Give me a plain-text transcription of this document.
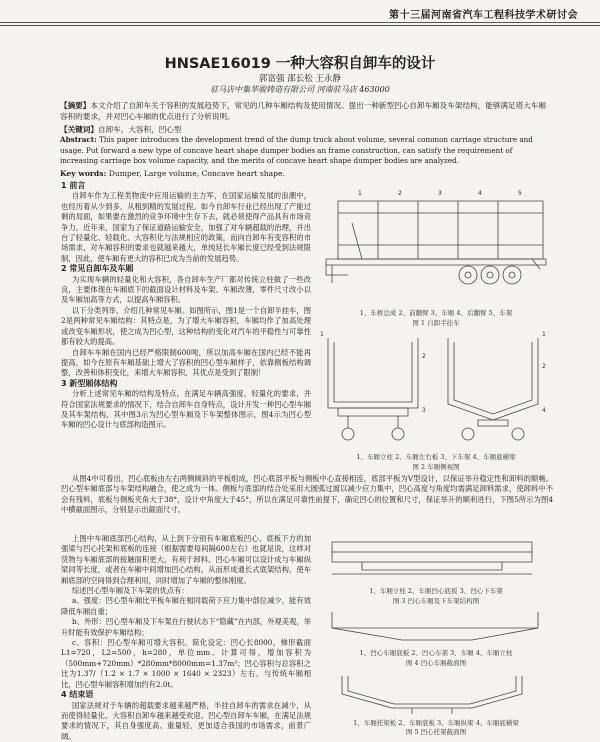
第十三届河南省汽车工程科技学术研讨会
HNSAE16019 一种大容积自卸车的设计
郭富强 邵长松 王永静
驻马店中集华骏铸造有限公司 河南驻马店 463000
【摘要】本文介绍了自卸车关于容积的发展趋势下，常见的几种车厢结构及使用情况。提出一种新型凹心自卸车厢及车架结构，能够满足塔大车厢容积的要求，并对凹心车厢的优点进行了分析说明。
【关键词】自卸车，大容积，凹心型
Abstract: This paper introduces the development trend of the dump truck about volume, several common carriage structure and usage. Put forward a new type of concave heart shape dumper bodies an frame construction, can satisfy the requirement of increasing carriage box volume capacity, and the merits of concave heart shape dumper bodies are analyzed.
Key words: Dumper, Large volume, Concave heart shape.
1 前言

自卸车作为工程类物流中应用运输的主力军，在国家运输发展的浪潮中，也经历着从少到多，从粗到精的发展过程。如今自卸车行业已经出现了产能过剩的局面，如果要在激烈的竞争环境中生存下去，就必须使得产品具有市场竞争力，近年来，国家为了保证道路运输安全，加强了对车辆超载的治理，并出台了轻量化、轻载化、大容积化与法规相应的政策，而向自卸车有变容积的市场需求，对车厢容积的要求也就越来越大，单纯延长车厢长度已经受到法规限制，因此，使车厢有更大的容积已成为当前的发展趋势。

2 常见自卸车及车厢

为实现车辆的轻量化和大容积，各自卸车生产厂都对传统立柱做了一些改良，主要体现在车厢底下的截面设计材料及车架、车厢改薄，零件尺寸改小以及车厢加高等方式，以提高车厢容积。

以下分类列举，介绍几种常见车厢。如图所示，图1是一个自卸半挂车，图2是两种常见车厢结构：其特点是，为了增大车厢容积，车厢均作了加高处理或改变车厢形状，使之成为凹心型，这种结构的变化对汽车的平稳性与可靠性都有较大的提高。

自卸车车厢在国内已经严格限制600吨，所以加高车厢在国内已经不能再提高，如今在原有车厢基础上增大了容积的凹心型车厢样子，依靠侧板结构调整，改善和体积变化，来增大车厢容积，其优点是受到了限制！

3 新型厢体结构

分析上述常见车厢的结构及特点，在满足车辆高强度、轻量化的要求，并符合国家法规要求的情况下，结合自卸车自身特点，设计开发一种凹心型车厢及其车架结构，其中图3示为凹心型车厢及下车架整体图示，图4示为凹心型车厢的凹心设计与底部构造图示。

1	2	3	4	5
1、车桥总成 2、前翻臂 3、车厢 4、后翻臂 5、车架
图 1 自卸半挂车
1
2
3
1
2
4
1、车厢立柱 2、车厢左右板 3、下车架 4、车厢底横梁
图 2 车厢侧视图

从图4中可看出，凹心底板由左右两侧倾斜的平板组成，凹心底部平板与侧板中心直接相连，底部平板为V型设计，以保证举升稳定性和卸料的顺畅。凹心型车厢底部与车架结构融合，使之成为一体。侧板与底部的结合处采用大圆弧过渡以减少应力集中，凹心高度与角度均需满足卸料需求，使卸料中不会有残料，底板与侧板夹角大于38°，设计中角度大于45°，所以在满足可靠性前提下，确定凹心的位置和尺寸，保证举升的顺利进行，下图5所示为图4中横截面图示，分别显示出截面尺寸。

上图中车厢底部凹心结构，从上到下分别有车厢底板凹心、底板下方的加强梁与凹心托架和底板的连接（根据需要每间隔600左右）也就是说，这样对货物与车厢底部的接触面积更大，有利于卸料。凹心车厢可以设计成与车厢纵梁同等长度，或者在车厢中间增加凹心结构，从而形成通长式底架结构，使车厢底部的空间得到合理利用，同时增加了车厢的整体刚度。

综述凹心型车厢及下车架的优点有：

a、强度：凹心型车厢比平板车厢在相同载荷下应力集中部位减少，能有效降低车厢自重；

b、外形：凹心型车厢及下车架在行驶状态下“隐藏”在内部，外观美观，举升时能有效保护车厢结构；

c、容积：凹心型车厢可增大容积。简化设定：凹心长8000，梯形截面 L1=720，L2=500，h=280，单位mm。计算可得，增加容积为（500mm+720mm）*280mm*8000mm=1.37m³；凹心容积与总容积之比为1.37/（1.2 × 1.7 × 1000 × 1640 × 2323）左右，与传统车厢相比，凹心型车厢容积增加约有2.0t。

4 结束语

国家法规对于车辆的超载要求越来越严格，半挂自卸车的需求在减少，从而使得轻量化、大容积自卸车越来越受欢迎。凹心型自卸车车厢，在满足法规要求的情况下，其自身强度高、重量轻，更加适合我国的市场需求，前景广阔。

1、车厢立柱 2、车厢凹心底板 3、凹心下车架
图 3 凹心车厢及下车架结构图
1、凹心车厢底板 2、凹心车架 3、车厢 4、车厢立柱
图 4 凹心车厢截面图
1、车厢托梁板 2、车厢底板 3、车厢纵梁 4、车厢底横梁
图 5 凹心托架截面图
